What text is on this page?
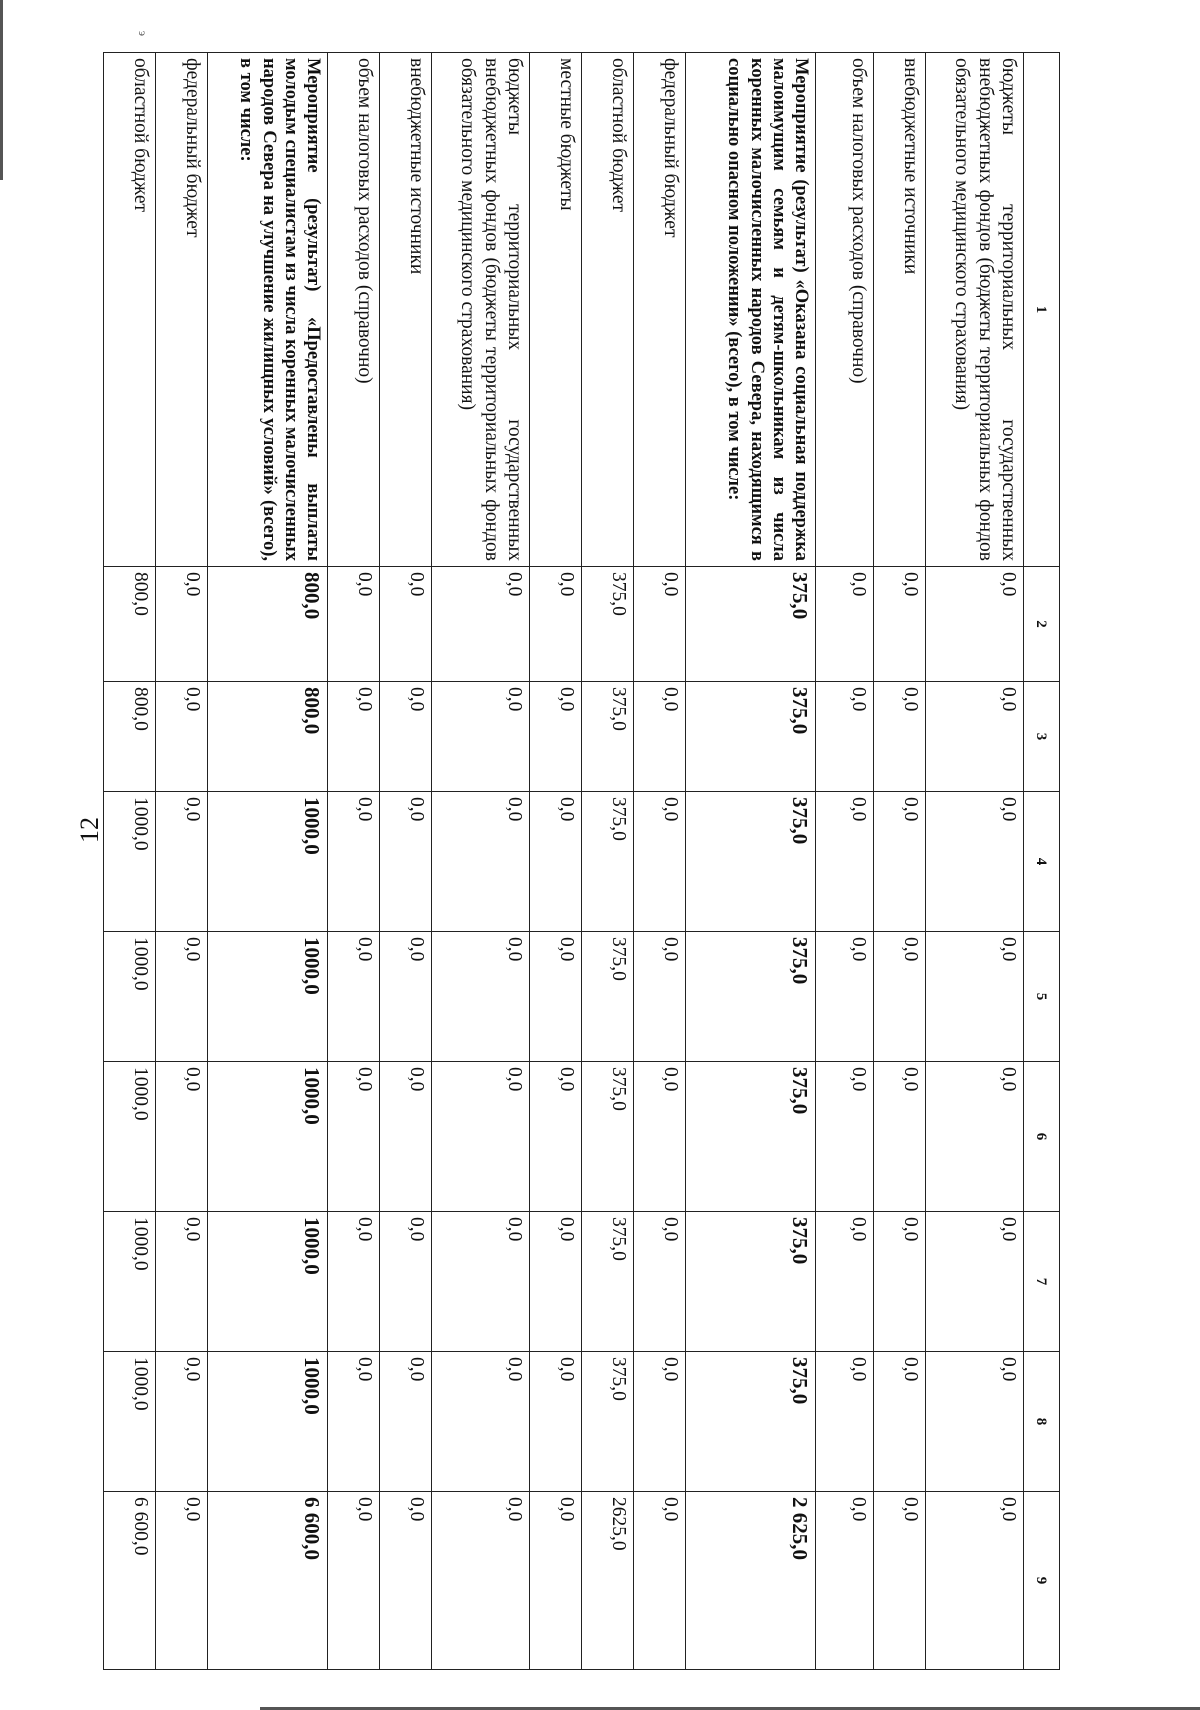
э
12
1	2	3	4	5	6	7	8	9
бюджеты территориальных государственных внебюджетных фондов (бюджеты территориальных фондов обязательного медицинского страхования)	0,0	0,0	0,0	0,0	0,0	0,0	0,0	0,0
внебюджетные источники	0,0	0,0	0,0	0,0	0,0	0,0	0,0	0,0
объем налоговых расходов (справочно)	0,0	0,0	0,0	0,0	0,0	0,0	0,0	0,0
Мероприятие (результат) «Оказана социальная поддержка малоимущим семьям и детям-школьникам из числа коренных малочисленных народов Севера, находящимся в социально опасном положении» (всего), в том числе:	375,0	375,0	375,0	375,0	375,0	375,0	375,0	2 625,0
федеральный бюджет	0,0	0,0	0,0	0,0	0,0	0,0	0,0	0,0
областной бюджет	375,0	375,0	375,0	375,0	375,0	375,0	375,0	2625,0
местные бюджеты	0,0	0,0	0,0	0,0	0,0	0,0	0,0	0,0
бюджеты территориальных государственных внебюджетных фондов (бюджеты территориальных фондов обязательного медицинского страхования)	0,0	0,0	0,0	0,0	0,0	0,0	0,0	0,0
внебюджетные источники	0,0	0,0	0,0	0,0	0,0	0,0	0,0	0,0
объем налоговых расходов (справочно)	0,0	0,0	0,0	0,0	0,0	0,0	0,0	0,0
Мероприятие (результат) «Предоставлены выплаты молодым специалистам из числа коренных малочисленных народов Севера на улучшение жилищных условий» (всего), в том числе:	800,0	800,0	1000,0	1000,0	1000,0	1000,0	1000,0	6 600,0
федеральный бюджет	0,0	0,0	0,0	0,0	0,0	0,0	0,0	0,0
областной бюджет	800,0	800,0	1000,0	1000,0	1000,0	1000,0	1000,0	6 600,0
